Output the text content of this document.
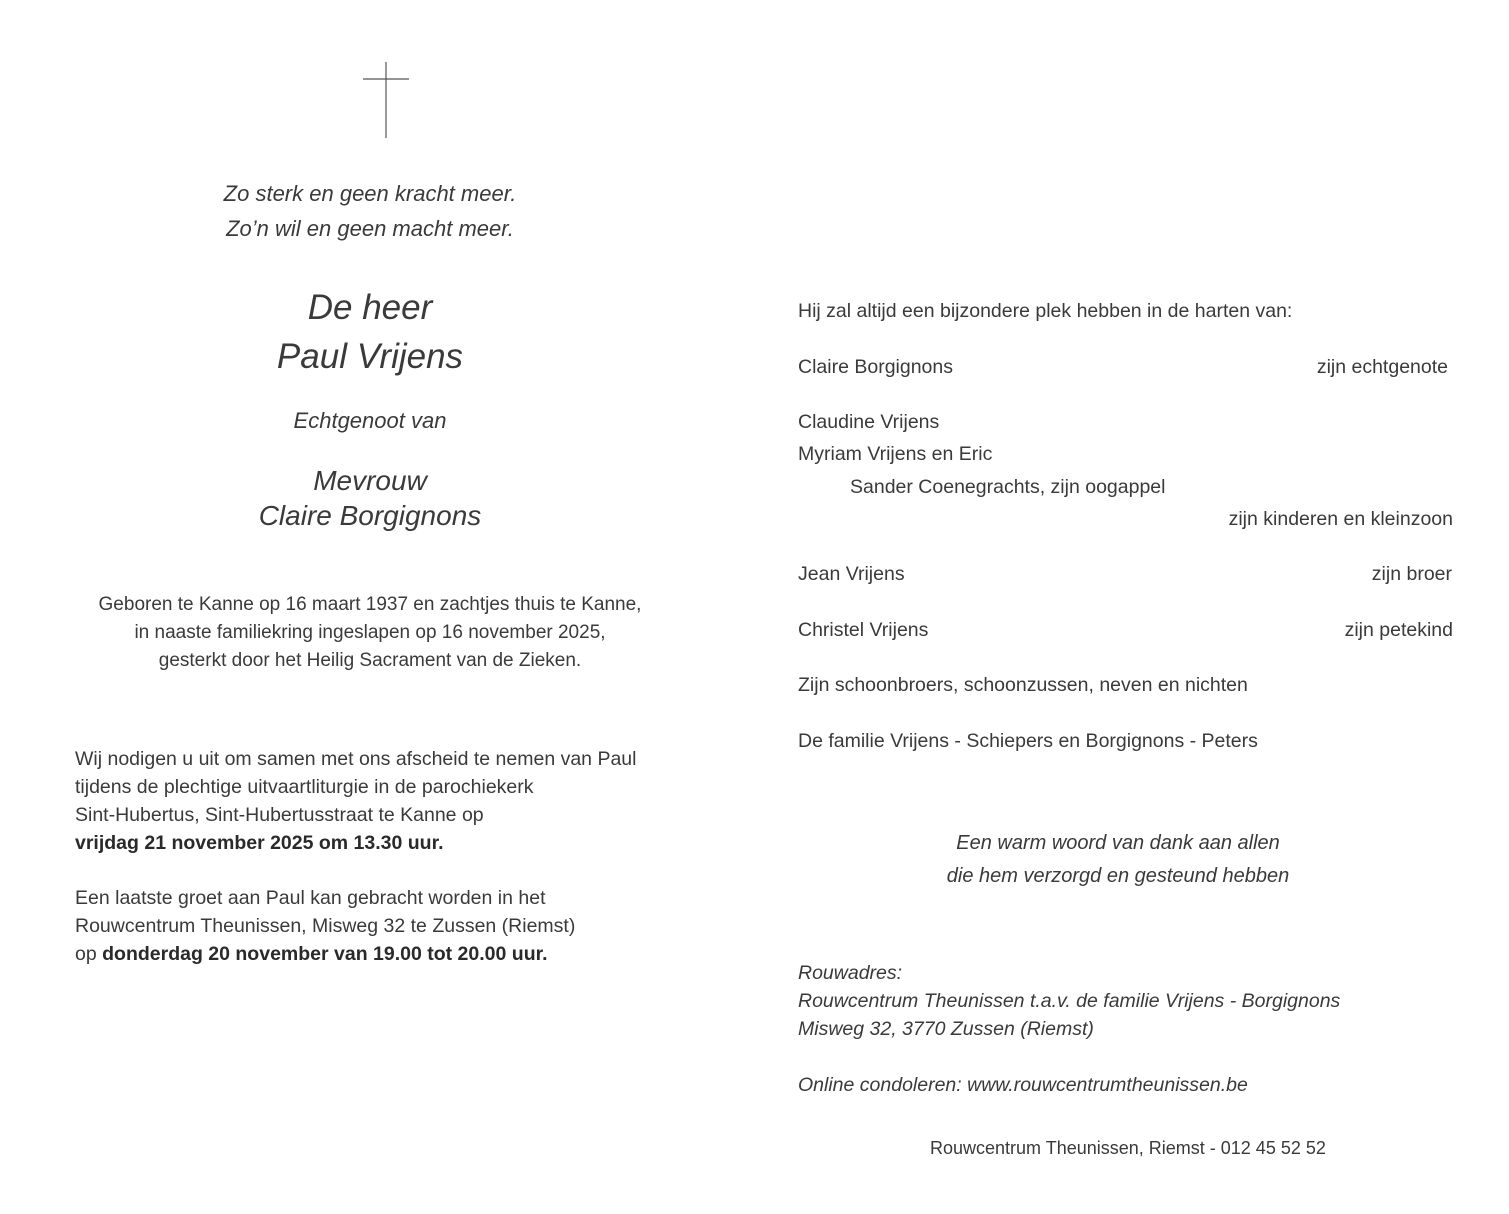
Zo sterk en geen kracht meer.
Zo’n wil en geen macht meer.
De heer
Paul Vrijens
Echtgenoot van
Mevrouw
Claire Borgignons
Geboren te Kanne op 16 maart 1937 en zachtjes thuis te Kanne,
in naaste familiekring ingeslapen op 16 november 2025,
gesterkt door het Heilig Sacrament van de Zieken.
Wij nodigen u uit om samen met ons afscheid te nemen van Paul
tijdens de plechtige uitvaartliturgie in de parochiekerk
Sint-Hubertus, Sint-Hubertusstraat te Kanne op
vrijdag 21 november 2025 om 13.30 uur.
Een laatste groet aan Paul kan gebracht worden in het
Rouwcentrum Theunissen, Misweg 32 te Zussen (Riemst)
op donderdag 20 november van 19.00 tot 20.00 uur.
Hij zal altijd een bijzondere plek hebben in de harten van:
Claire Borgignons	zijn echtgenote
Claudine Vrijens
Myriam Vrijens en Eric
Sander Coenegrachts, zijn oogappel
zijn kinderen en kleinzoon
Jean Vrijens	zijn broer
Christel Vrijens	zijn petekind
Zijn schoonbroers, schoonzussen, neven en nichten
De familie Vrijens - Schiepers en Borgignons - Peters
Een warm woord van dank aan allen
die hem verzorgd en gesteund hebben
Rouwadres:
Rouwcentrum Theunissen t.a.v. de familie Vrijens - Borgignons
Misweg 32, 3770 Zussen (Riemst)
Online condoleren: www.rouwcentrumtheunissen.be
Rouwcentrum Theunissen, Riemst - 012 45 52 52
